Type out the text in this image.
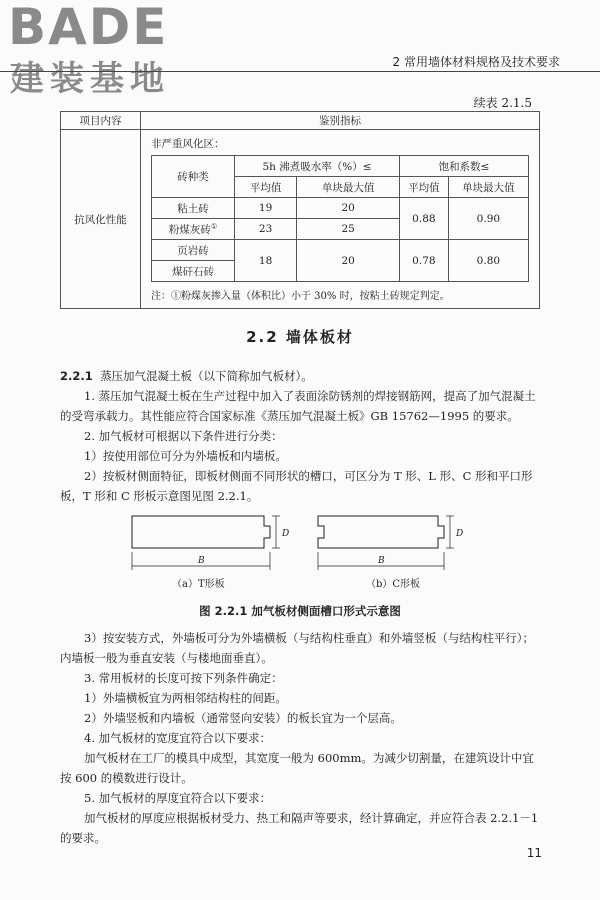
BADE
建装基地	2 常用墙体材料规格及技术要求
续表 2.1.5
项目内容	鉴别指标
抗风化性能	
非严重风化区：
砖种类	5h 沸煮吸水率（%）≤	饱和系数≤
平均值	单块最大值	平均值	单块最大值
粘土砖	19	20	0.88	0.90
粉煤灰砖①	23	25
页岩砖	18	20	0.78	0.80
煤矸石砖
注：①粉煤灰掺入量（体积比）小于 30% 时，按粘土砖规定判定。
2.2 墙体板材
2.2.1 蒸压加气混凝土板（以下简称加气板材）。
1. 蒸压加气混凝土板在生产过程中加入了表面涂防锈剂的焊接钢筋网，提高了加气混凝土的受弯承载力。其性能应符合国家标准《蒸压加气混凝土板》GB 15762—1995 的要求。
2. 加气板材可根据以下条件进行分类：
1）按使用部位可分为外墙板和内墙板。
2）按板材侧面特征，即板材侧面不同形状的槽口，可区分为 T 形、L 形、C 形和平口形板，T 形和 C 形板示意图见图 2.2.1。
D
B
（a）T形板
D
B
（b）C形板
图 2.2.1 加气板材侧面槽口形式示意图
3）按安装方式，外墙板可分为外墙横板（与结构柱垂直）和外墙竖板（与结构柱平行）；内墙板一般为垂直安装（与楼地面垂直）。
3. 常用板材的长度可按下列条件确定：
1）外墙横板宜为两相邻结构柱的间距。
2）外墙竖板和内墙板（通常竖向安装）的板长宜为一个层高。
4. 加气板材的宽度宜符合以下要求：
加气板材在工厂的模具中成型，其宽度一般为 600mm。为减少切割量，在建筑设计中宜按 600 的模数进行设计。
5. 加气板材的厚度宜符合以下要求：
加气板材的厚度应根据板材受力、热工和隔声等要求，经计算确定，并应符合表 2.2.1－1 的要求。
11
